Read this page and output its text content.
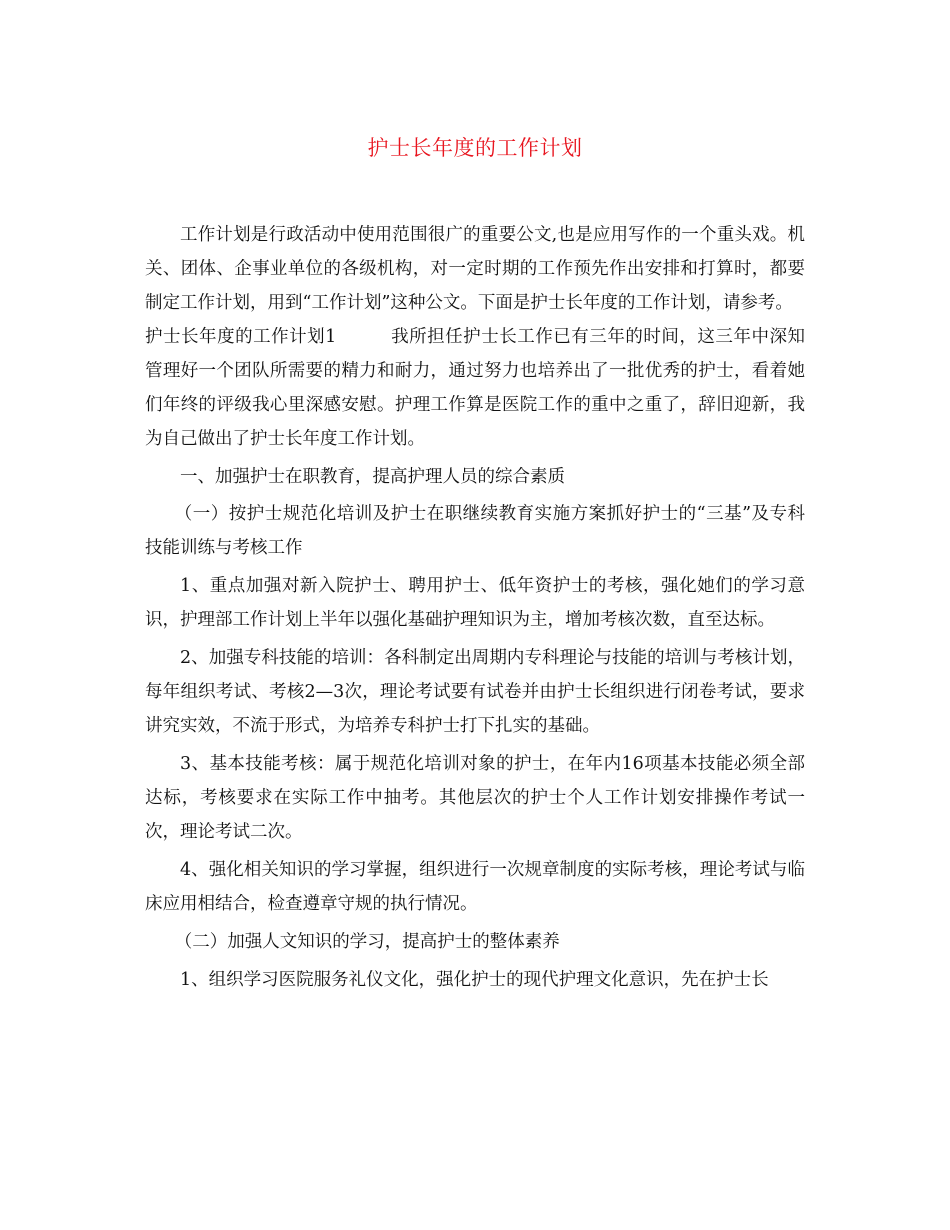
护士长年度的工作计划

工作计划是行政活动中使用范围很广的重要公文,也是应用写作的一个重头戏。机关、团体、企事业单位的各级机构，对一定时期的工作预先作出安排和打算时，都要制定工作计划，用到“工作计划”这种公文。下面是护士长年度的工作计划，请参考。

护士长年度的工作计划1	我所担任护士长工作已有三年的时间，这三年中深知管理好一个团队所需要的精力和耐力，通过努力也培养出了一批优秀的护士，看着她们年终的评级我心里深感安慰。护理工作算是医院工作的重中之重了，辞旧迎新，我为自己做出了护士长年度工作计划。

一、加强护士在职教育，提高护理人员的综合素质

（一）按护士规范化培训及护士在职继续教育实施方案抓好护士的“三基”及专科技能训练与考核工作

1、重点加强对新入院护士、聘用护士、低年资护士的考核，强化她们的学习意识，护理部工作计划上半年以强化基础护理知识为主，增加考核次数，直至达标。

2、加强专科技能的培训：各科制定出周期内专科理论与技能的培训与考核计划，每年组织考试、考核2—3次，理论考试要有试卷并由护士长组织进行闭卷考试，要求讲究实效，不流于形式，为培养专科护士打下扎实的基础。

3、基本技能考核：属于规范化培训对象的护士，在年内16项基本技能必须全部达标，考核要求在实际工作中抽考。其他层次的护士个人工作计划安排操作考试一次，理论考试二次。

4、强化相关知识的学习掌握，组织进行一次规章制度的实际考核，理论考试与临床应用相结合，检查遵章守规的执行情况。

（二）加强人文知识的学习，提高护士的整体素养

1、组织学习医院服务礼仪文化，强化护士的现代护理文化意识，先在护士长
